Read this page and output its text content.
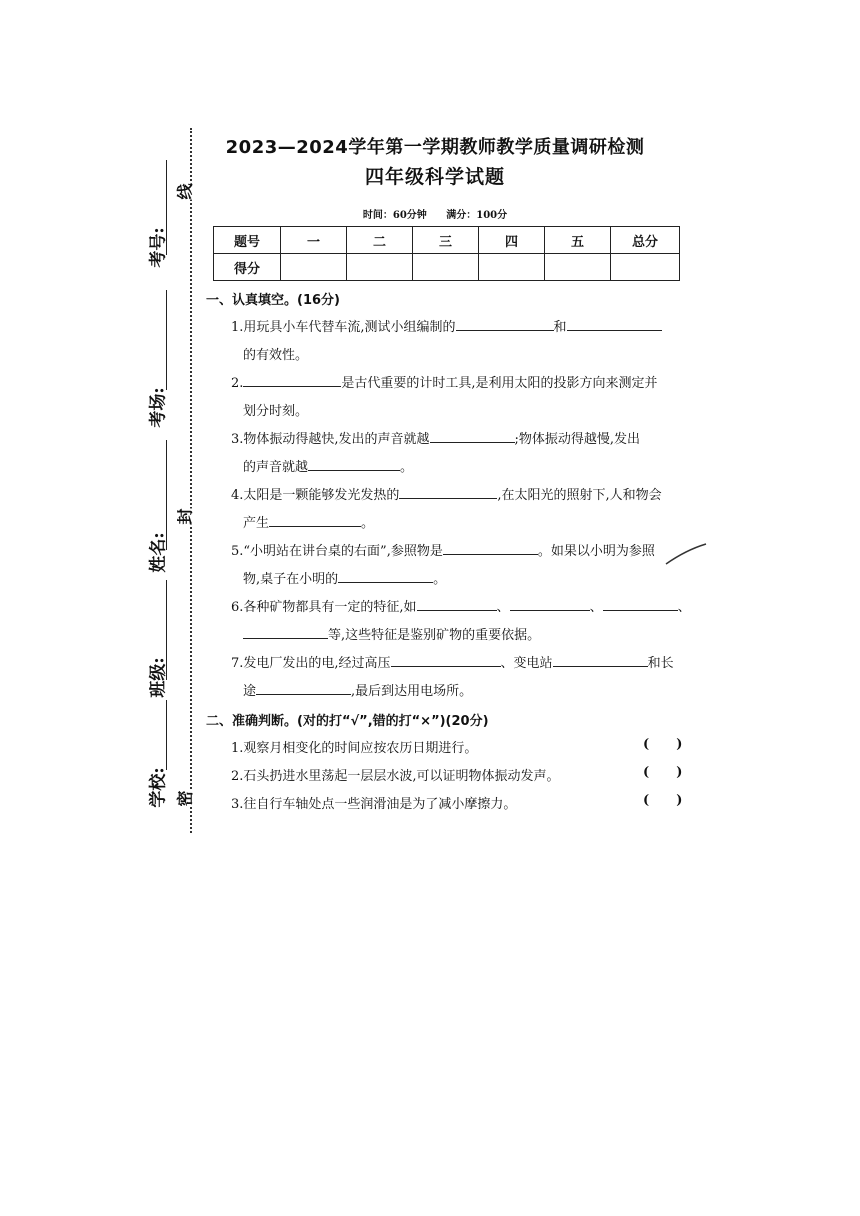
考号:
考场:
姓名:
班级:
学校:
线
封
密
2023—2024学年第一学期教师教学质量调研检测
四年级科学试题
时间：60分钟 满分：100分
题号	一	二	三	四	五	总分
得分						
一、认真填空。(16分)
1.用玩具小车代替车流,测试小组编制的	和
的有效性。
2.	是古代重要的计时工具,是利用太阳的投影方向来测定并
划分时刻。
3.物体振动得越快,发出的声音就越	;物体振动得越慢,发出
的声音就越	。
4.太阳是一颗能够发光发热的	,在太阳光的照射下,人和物会
产生	。
5.“小明站在讲台桌的右面”,参照物是	。如果以小明为参照
物,桌子在小明的	。
6.各种矿物都具有一定的特征,如	、	、	、
等,这些特征是鉴别矿物的重要依据。
7.发电厂发出的电,经过高压	、变电站	和长
途	,最后到达用电场所。
二、准确判断。(对的打“√”,错的打“×”)(20分)
1.观察月相变化的时间应按农历日期进行。	(      )
2.石头扔进水里荡起一层层水波,可以证明物体振动发声。	(      )
3.往自行车轴处点一些润滑油是为了减小摩擦力。	(      )
